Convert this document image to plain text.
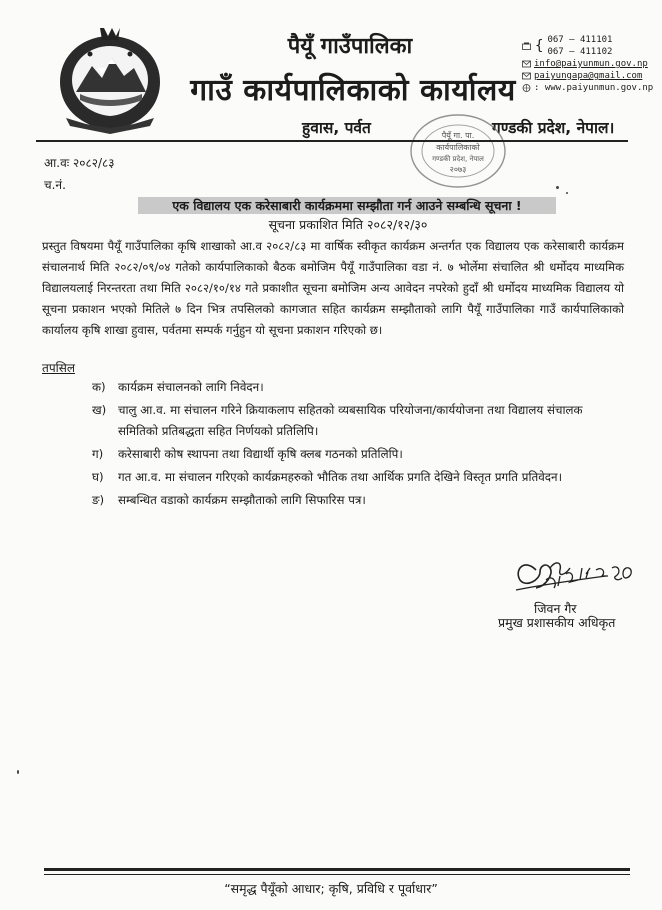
पैयूँ गाउँपालिका
गाउँ कार्यपालिकाको कार्यालय
हुवास, पर्वत	गण्डकी प्रदेश, नेपाल।
{ 067 – 411101
067 – 411102
info@paiyunmun.gov.np
paiyungapa@gmail.com
: www.paiyunmun.gov.np
पैयूँ गा. पा.
कार्यपालिकाको
गण्डकी प्रदेश, नेपाल
२०७३
आ.वः २०८२/८३
च.नं.
एक विद्यालय एक करेसाबारी कार्यक्रममा सम्झौता गर्न आउने सम्बन्धि सूचना !
सूचना प्रकाशित मिति २०८२/१२/३०
प्रस्तुत विषयमा पैयूँ गाउँपालिका कृषि शाखाको आ.व २०८२/८३ मा वार्षिक स्वीकृत कार्यक्रम अन्तर्गत एक विद्यालय एक करेसाबारी कार्यक्रम संचालनार्थ मिति २०८२/०९/०४ गतेको कार्यपालिकाको बैठक बमोजिम पैयूँ गाउँपालिका वडा नं. ७ भोर्लेमा संचालित श्री धर्मोदय माध्यमिक विद्यालयलाई निरन्तरता तथा मिति २०८२/१०/१४ गते प्रकाशीत सूचना बमोजिम अन्य आवेदन नपरेको हुदाँ श्री धर्मोदय माध्यमिक विद्यालय यो सूचना प्रकाशन भएको मितिले ७ दिन भित्र तपसिलको कागजात सहित कार्यक्रम सम्झौताको लागि पैयूँ गाउँपालिका गाउँ कार्यपालिकाको कार्यालय कृषि शाखा हुवास, पर्वतमा सम्पर्क गर्नुहुन यो सूचना प्रकाशन गरिएको छ।
तपसिल
क) कार्यक्रम संचालनको लागि निवेदन।
ख) चालु आ.व. मा संचालन गरिने क्रियाकलाप सहितको व्यबसायिक परियोजना/कार्ययोजना तथा विद्यालय संचालक समितिको प्रतिबद्धता सहित निर्णयको प्रतिलिपि।
ग) करेसाबारी कोष स्थापना तथा विद्यार्थी कृषि क्लब गठनको प्रतिलिपि।
घ) गत आ.व. मा संचालन गरिएको कार्यक्रमहरुको भौतिक तथा आर्थिक प्रगति देखिने विस्तृत प्रगति प्रतिवेदन।
ङ) सम्बन्धित वडाको कार्यक्रम सम्झौताको लागि सिफारिस पत्र।
जिवन गैर
प्रमुख प्रशासकीय अधिकृत
“समृद्ध पैयूँको आधार; कृषि, प्रविधि र पूर्वाधार”
